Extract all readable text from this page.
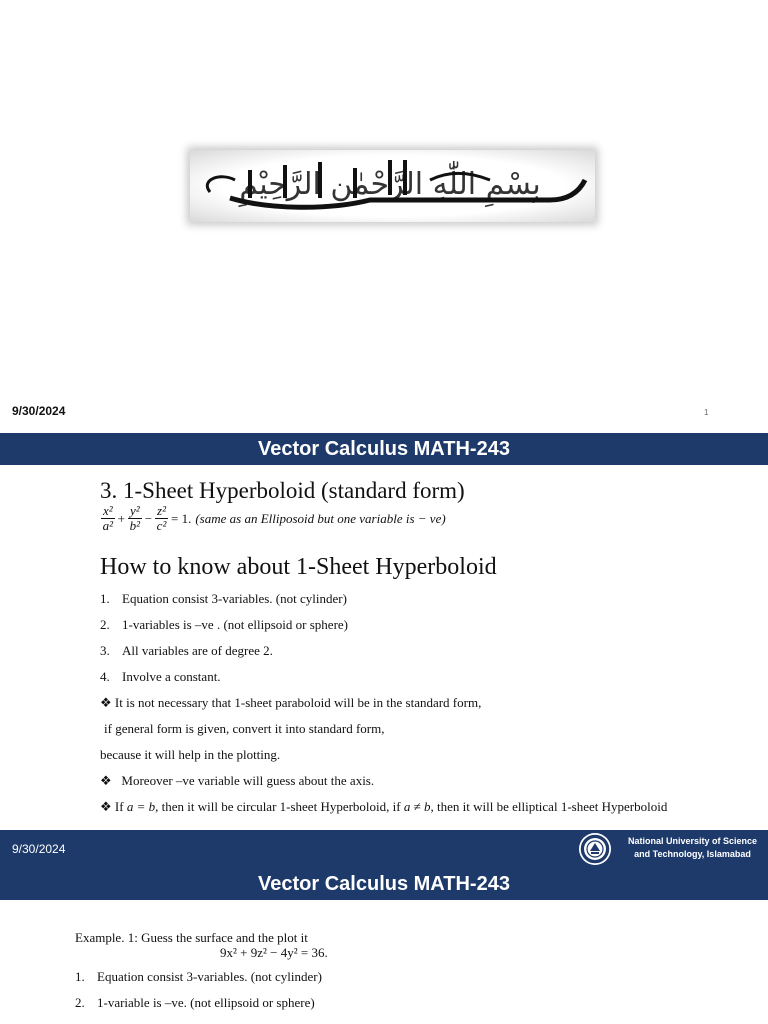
بِسْمِ اللّٰهِ الرَّحْمٰنِ الرَّحِيْمِ
9/30/2024	1
Vector Calculus MATH-243
3. 1-Sheet Hyperboloid (standard form)
$\frac{\text{x²}}{\text{a²}} + \frac{\text{y²}}{\text{b²}} - \frac{\text{z²}}{\text{c²}} = 1$. (same as an Elliposoid but one variable is − ve)
How to know about 1-Sheet Hyperboloid
1. Equation consist 3-variables. (not cylinder)
2. 1-variables is –ve . (not ellipsoid or sphere)
3. All variables are of degree 2.
4. Involve a constant.
❖ It is not necessary that 1-sheet paraboloid will be in the standard form,
if general form is given, convert it into standard form,
because it will help in the plotting.
❖ Moreover –ve variable will guess about the axis.
❖ If a = b, then it will be circular 1-sheet Hyperboloid, if a ≠ b, then it will be elliptical 1-sheet Hyperboloid
9/30/2024
National University of Science
and Technology, Islamabad
Vector Calculus MATH-243
Example. 1: Guess the surface and the plot it
9x² + 9z² − 4y² = 36.
1. Equation consist 3-variables. (not cylinder)
2. 1-variable is –ve. (not ellipsoid or sphere)
